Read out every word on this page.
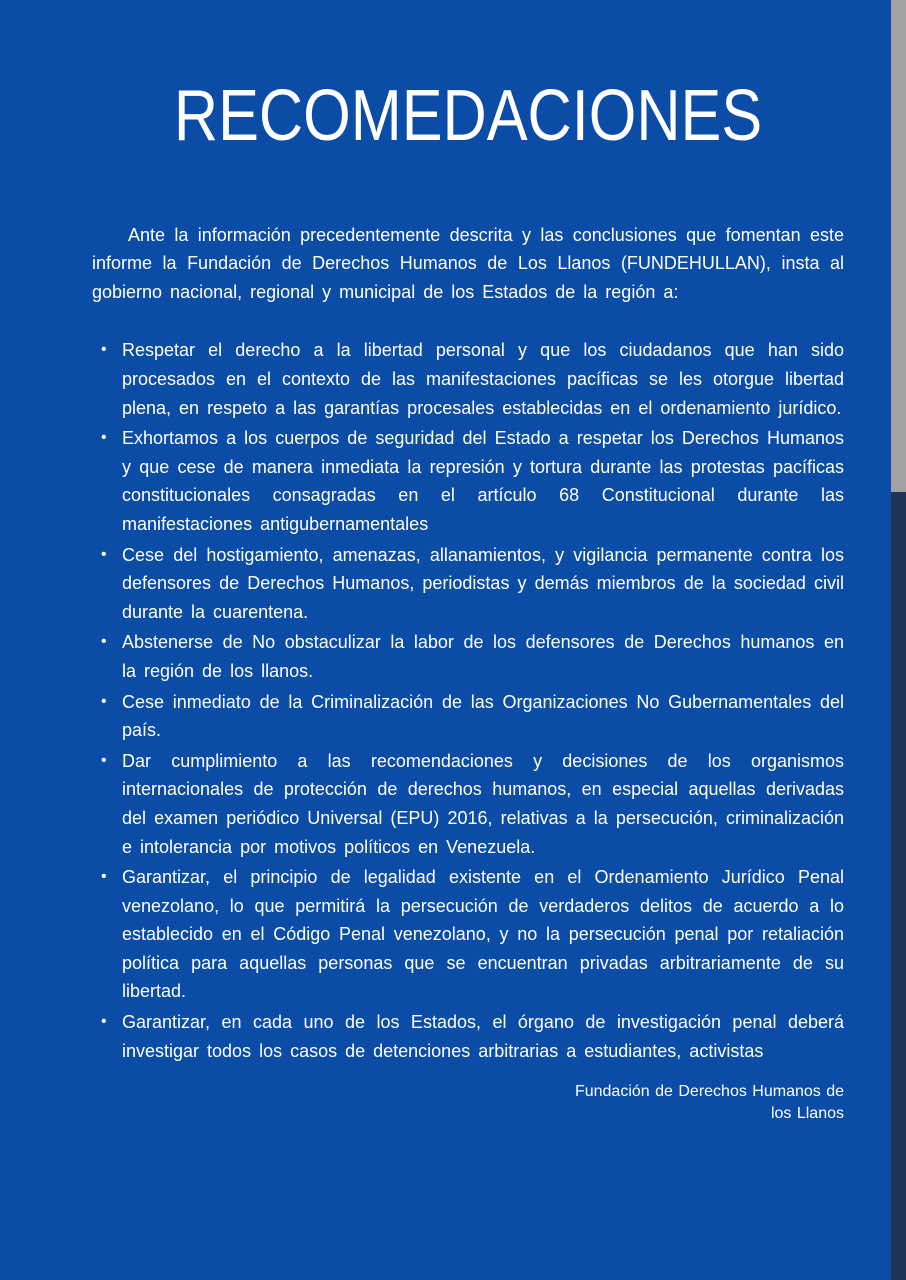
RECOMEDACIONES

Ante la información precedentemente descrita y las conclusiones que fomentan este informe la Fundación de Derechos Humanos de Los Llanos (FUNDEHULLAN), insta al gobierno nacional, regional y municipal de los Estados de la región a:

• Respetar el derecho a la libertad personal y que los ciudadanos que han sido procesados en el contexto de las manifestaciones pacíficas se les otorgue libertad plena, en respeto a las garantías procesales establecidas en el ordenamiento jurídico.
• Exhortamos a los cuerpos de seguridad del Estado a respetar los Derechos Humanos y que cese de manera inmediata la represión y tortura durante las protestas pacíficas constitucionales consagradas en el artículo 68 Constitucional durante las manifestaciones antigubernamentales
• Cese del hostigamiento, amenazas, allanamientos, y vigilancia permanente contra los defensores de Derechos Humanos, periodistas y demás miembros de la sociedad civil durante la cuarentena.
• Abstenerse de No obstaculizar la labor de los defensores de Derechos humanos en la región de los llanos.
• Cese inmediato de la Criminalización de las Organizaciones No Gubernamentales del país.
• Dar cumplimiento a las recomendaciones y decisiones de los organismos internacionales de protección de derechos humanos, en especial aquellas derivadas del examen periódico Universal (EPU) 2016, relativas a la persecución, criminalización e intolerancia por motivos políticos en Venezuela.
• Garantizar, el principio de legalidad existente en el Ordenamiento Jurídico Penal venezolano, lo que permitirá la persecución de verdaderos delitos de acuerdo a lo establecido en el Código Penal venezolano, y no la persecución penal por retaliación política para aquellas personas que se encuentran privadas arbitrariamente de su libertad.
• Garantizar, en cada uno de los Estados, el órgano de investigación penal deberá investigar todos los casos de detenciones arbitrarias a estudiantes, activistas
Fundación de Derechos Humanos de
los Llanos
